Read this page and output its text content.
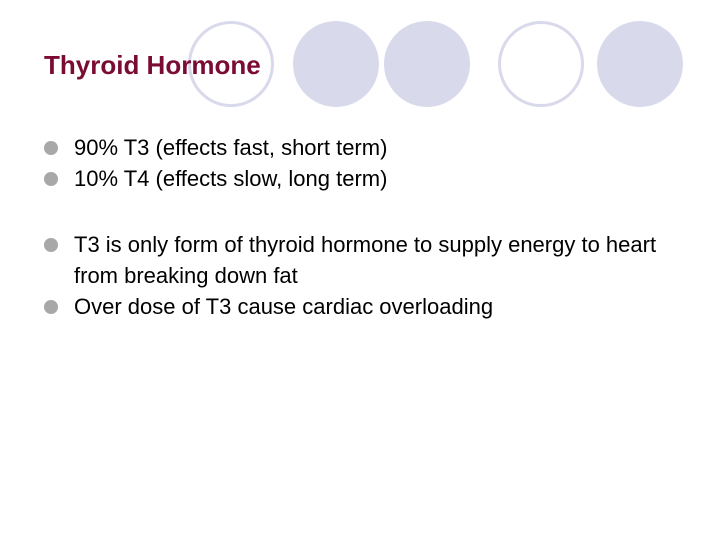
Thyroid Hormone
90% T3 (effects fast, short term)
10% T4 (effects slow, long term)
T3 is only form of thyroid hormone to supply energy to heart from breaking down fat
Over dose of T3 cause cardiac overloading
